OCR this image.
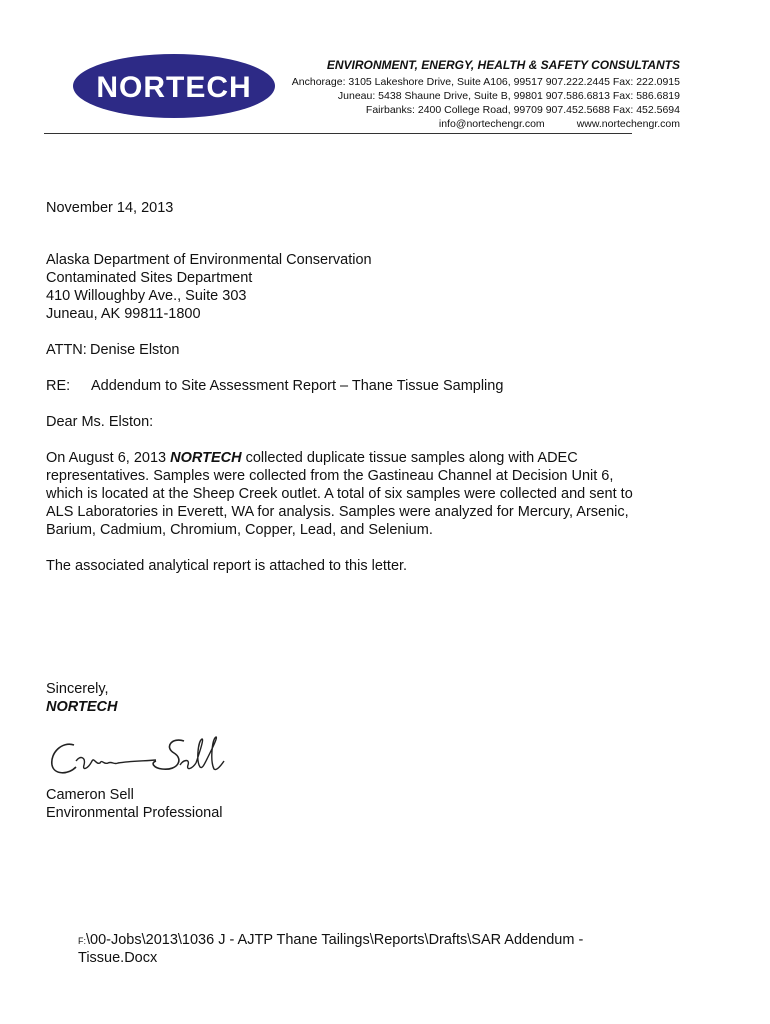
NORTECH
ENVIRONMENT, ENERGY, HEALTH & SAFETY CONSULTANTS
Anchorage: 3105 Lakeshore Drive, Suite A106, 99517 907.222.2445 Fax: 222.0915
Juneau: 5438 Shaune Drive, Suite B, 99801 907.586.6813 Fax: 586.6819
Fairbanks: 2400 College Road, 99709 907.452.5688 Fax: 452.5694
info@nortechengr.com	www.nortechengr.com
November 14, 2013
Alaska Department of Environmental Conservation
Contaminated Sites Department
410 Willoughby Ave., Suite 303
Juneau, AK 99811-1800
ATTN: Denise Elston
RE: Addendum to Site Assessment Report – Thane Tissue Sampling
Dear Ms. Elston:
On August 6, 2013 NORTECH collected duplicate tissue samples along with ADEC
representatives. Samples were collected from the Gastineau Channel at Decision Unit 6,
which is located at the Sheep Creek outlet. A total of six samples were collected and sent to
ALS Laboratories in Everett, WA for analysis. Samples were analyzed for Mercury, Arsenic,
Barium, Cadmium, Chromium, Copper, Lead, and Selenium.
The associated analytical report is attached to this letter.
Sincerely,
NORTECH
Cameron Sell
Environmental Professional
F:\00-Jobs\2013\1036 J - AJTP Thane Tailings\Reports\Drafts\SAR Addendum -
Tissue.Docx
